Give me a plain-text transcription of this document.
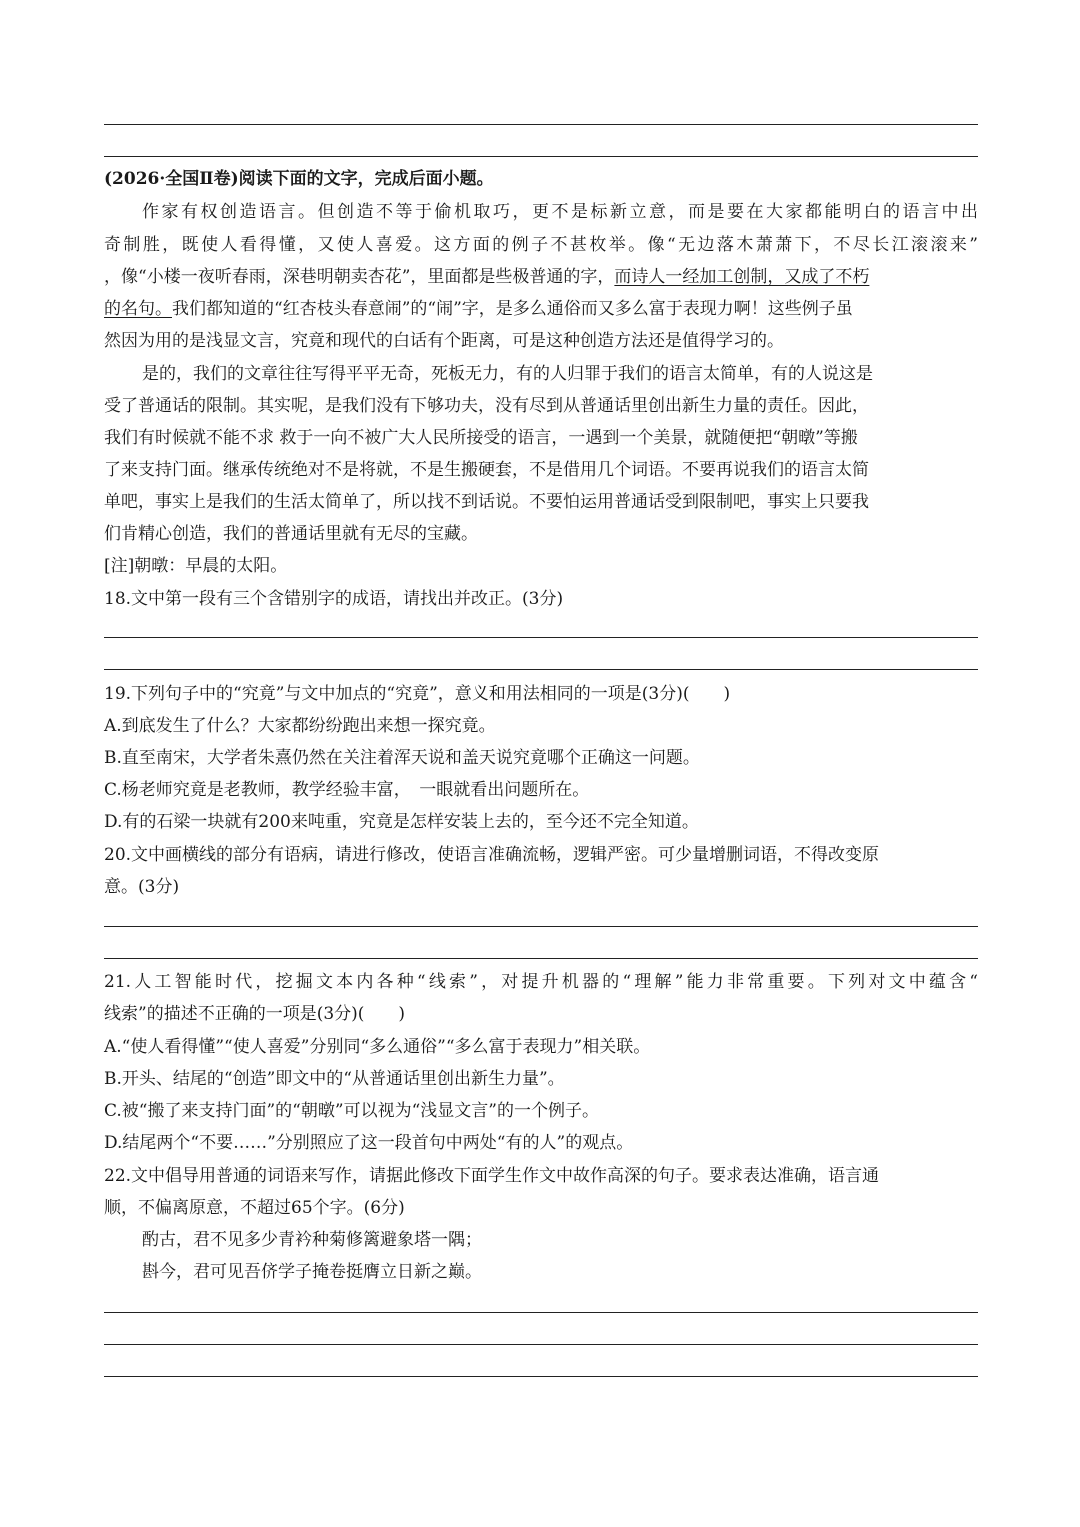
(2026·全国Ⅱ卷)阅读下面的文字，完成后面小题。
作家有权创造语言。但创造不等于偷机取巧，更不是标新立意，而是要在大家都能明白的语言中出
奇制胜，既使人看得懂，又使人喜爱。这方面的例子不甚枚举。像“无边落木萧萧下，不尽长江滚滚来”
，像“小楼一夜听春雨，深巷明朝卖杏花”，里面都是些极普通的字，而诗人一经加工创制，又成了不朽
的名句。我们都知道的“红杏枝头春意闹”的“闹”字，是多么通俗而又多么富于表现力啊！这些例子虽
然因为用的是浅显文言，究竟和现代的白话有个距离，可是这种创造方法还是值得学习的。
是的，我们的文章往往写得平平无奇，死板无力，有的人归罪于我们的语言太简单，有的人说这是
受了普通话的限制。其实呢，是我们没有下够功夫，没有尽到从普通话里创出新生力量的责任。因此，
我们有时候就不能不求 救于一向不被广大人民所接受的语言，一遇到一个美景，就随便把“朝暾”等搬
了来支持门面。继承传统绝对不是将就，不是生搬硬套，不是借用几个词语。不要再说我们的语言太简
单吧，事实上是我们的生活太简单了，所以找不到话说。不要怕运用普通话受到限制吧，事实上只要我
们肯精心创造，我们的普通话里就有无尽的宝藏。
[注]朝暾：早晨的太阳。
18.文中第一段有三个含错别字的成语，请找出并改正。(3分)
19.下列句子中的“究竟”与文中加点的“究竟”，意义和用法相同的一项是(3分)(　　)
A.到底发生了什么？大家都纷纷跑出来想一探究竟。
B.直至南宋，大学者朱熹仍然在关注着浑天说和盖天说究竟哪个正确这一问题。
C.杨老师究竟是老教师，教学经验丰富，　一眼就看出问题所在。
D.有的石梁一块就有200来吨重，究竟是怎样安装上去的，至今还不完全知道。
20.文中画横线的部分有语病，请进行修改，使语言准确流畅，逻辑严密。可少量增删词语，不得改变原
意。(3分)
21.人工智能时代，挖掘文本内各种“线索”，对提升机器的“理解”能力非常重要。下列对文中蕴含“
线索”的描述不正确的一项是(3分)(　　)
A.“使人看得懂”“使人喜爱”分别同“多么通俗”“多么富于表现力”相关联。
B.开头、结尾的“创造”即文中的“从普通话里创出新生力量”。
C.被“搬了来支持门面”的“朝暾”可以视为“浅显文言”的一个例子。
D.结尾两个“不要……”分别照应了这一段首句中两处“有的人”的观点。
22.文中倡导用普通的词语来写作，请据此修改下面学生作文中故作高深的句子。要求表达准确，语言通
顺，不偏离原意，不超过65个字。(6分)
酌古，君不见多少青衿种菊修篱避象塔一隅；
斟今，君可见吾侪学子掩卷挺膺立日新之巅。
